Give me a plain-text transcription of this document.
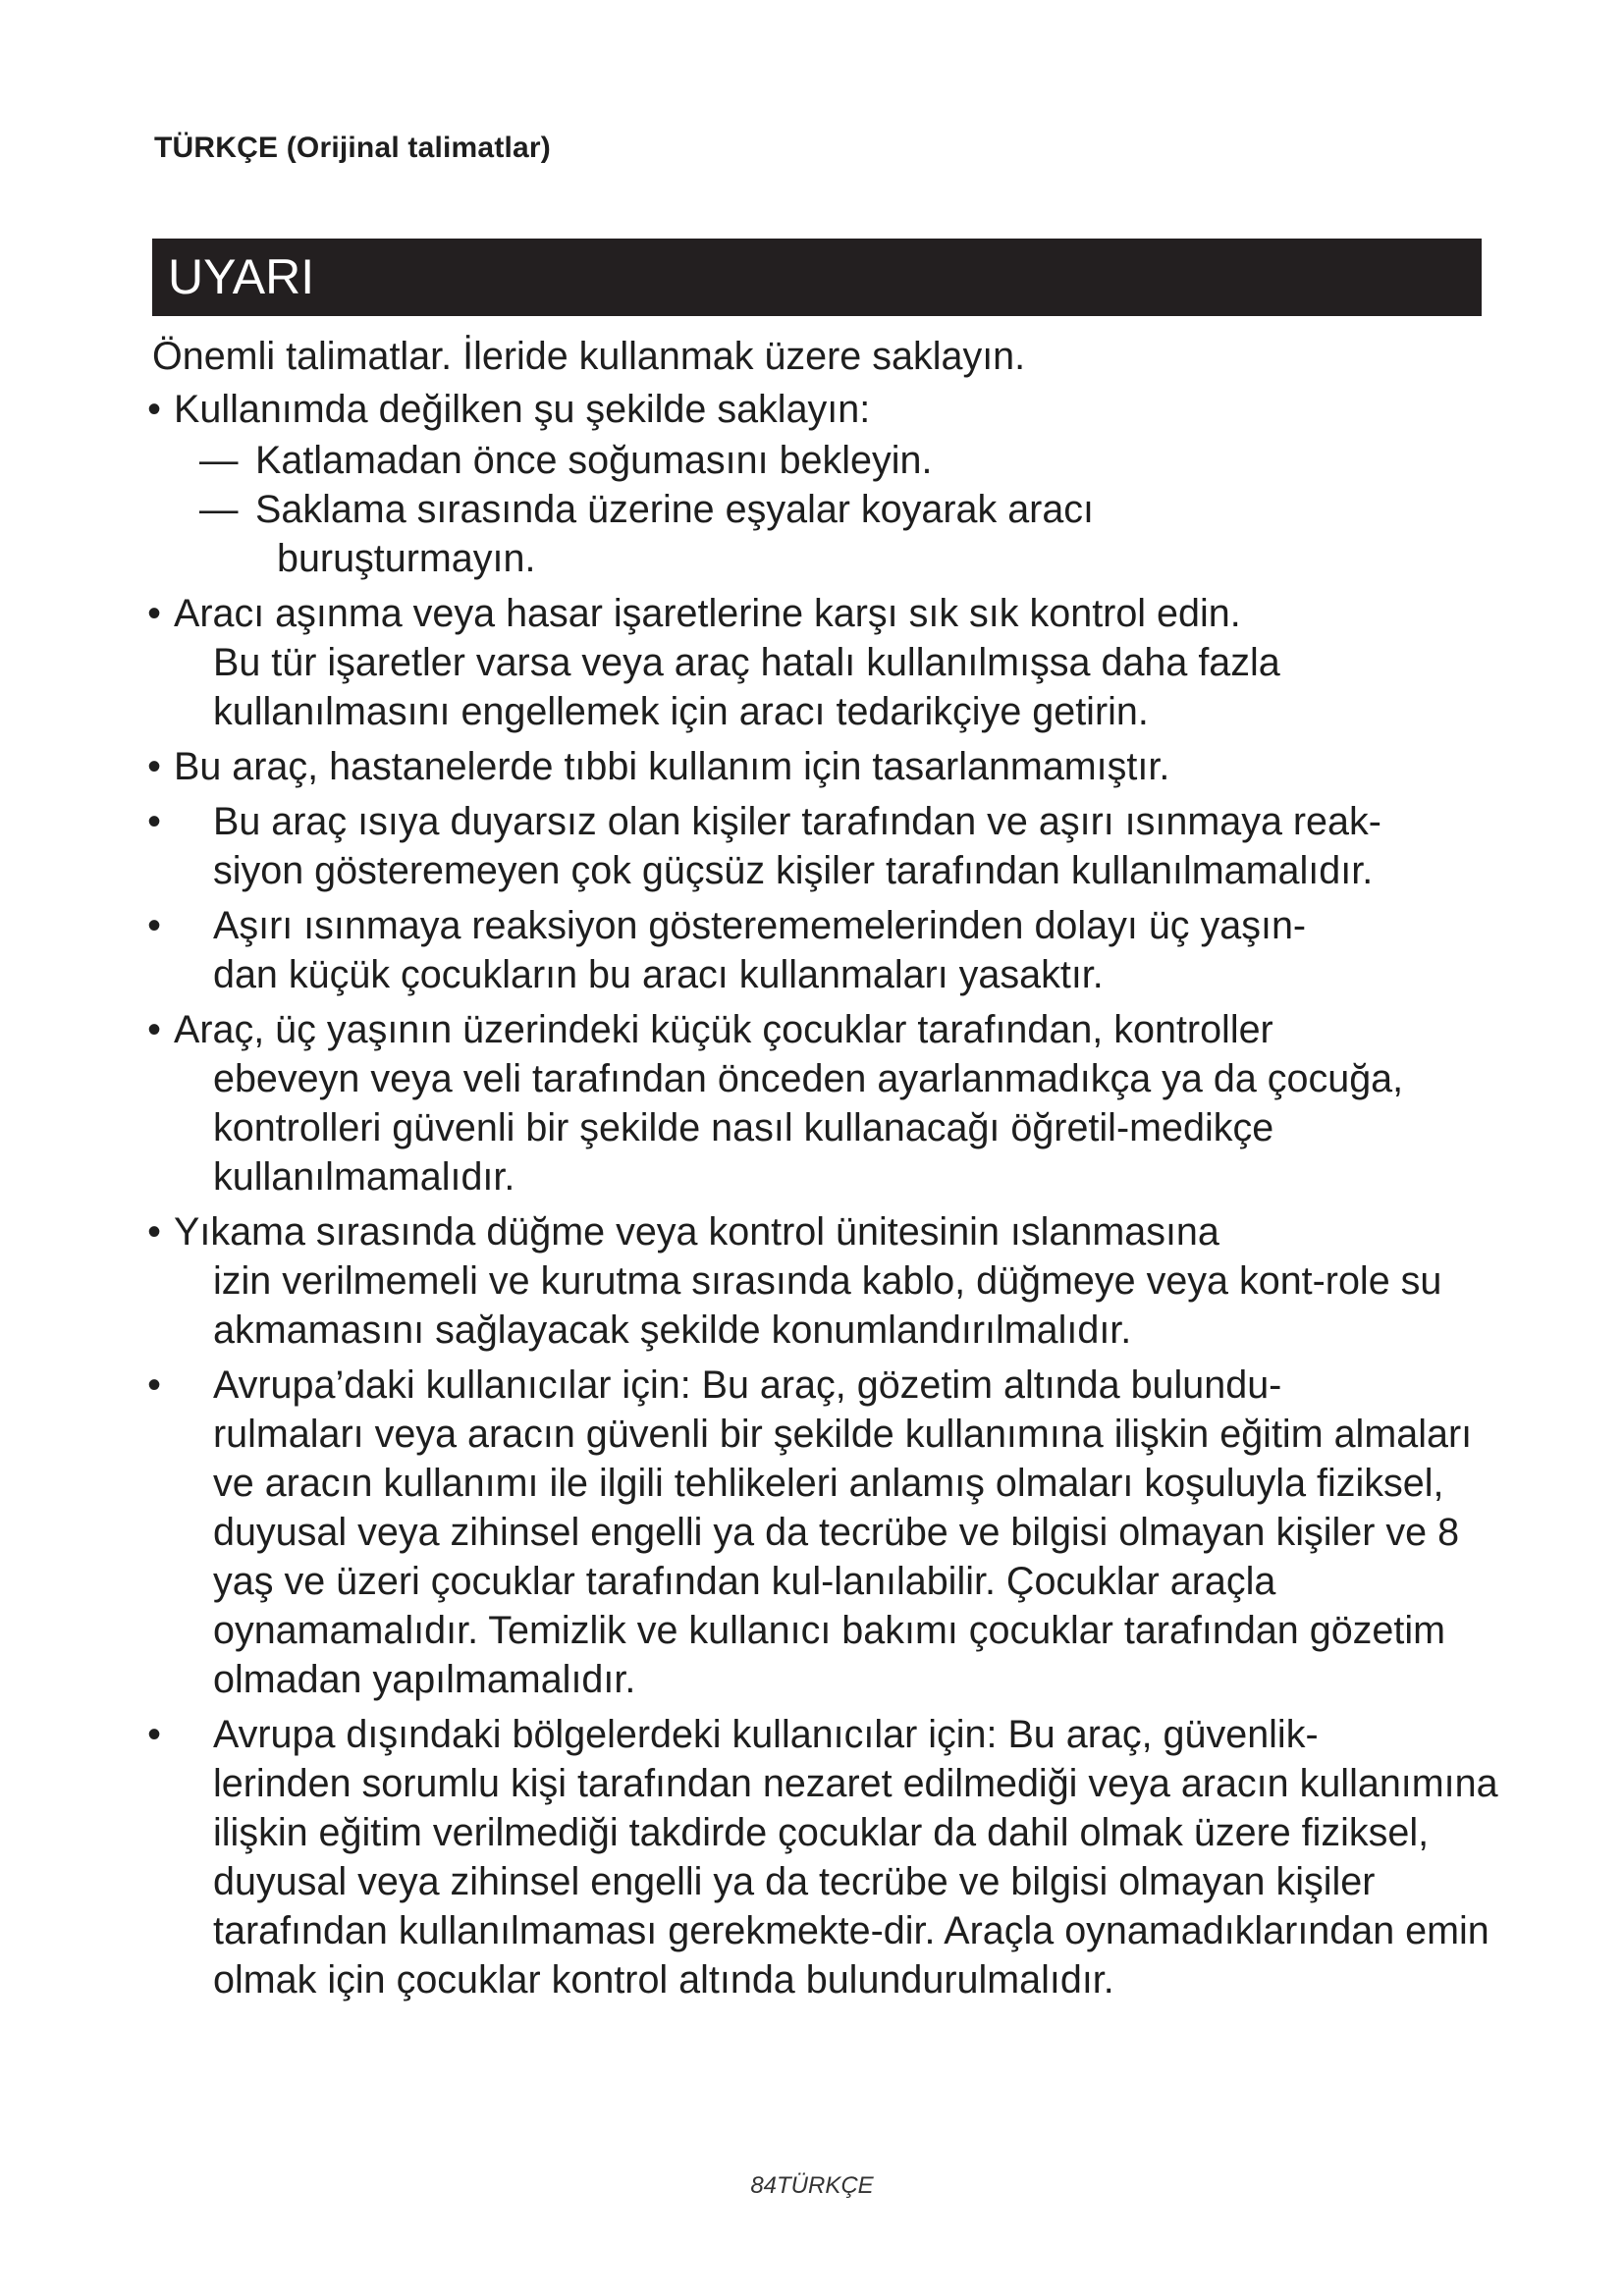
TÜRKÇE (Orijinal talimatlar)
UYARI
Önemli talimatlar. İleride kullanmak üzere saklayın.
• Kullanımda değilken şu şekilde saklayın:
— Katlamadan önce soğumasını bekleyin.
— Saklama sırasında üzerine eşyalar koyarak aracı
buruşturmayın.
• Aracı aşınma veya hasar işaretlerine karşı sık sık kontrol edin.
Bu tür işaretler varsa veya araç hatalı kullanılmışsa daha fazla kullanılmasını engellemek için aracı tedarikçiye getirin.
• Bu araç, hastanelerde tıbbi kullanım için tasarlanmamıştır.
• Bu araç ısıya duyarsız olan kişiler tarafından ve aşırı ısınmaya reak-
siyon gösteremeyen çok güçsüz kişiler tarafından kullanılmamalıdır.
• Aşırı ısınmaya reaksiyon gösterememelerinden dolayı üç yaşın-
dan küçük çocukların bu aracı kullanmaları yasaktır.
• Araç, üç yaşının üzerindeki küçük çocuklar tarafından, kontroller
ebeveyn veya veli tarafından önceden ayarlanmadıkça ya da çocuğa, kontrolleri güvenli bir şekilde nasıl kullanacağı öğretil-medikçe kullanılmamalıdır.
• Yıkama sırasında düğme veya kontrol ünitesinin ıslanmasına
izin verilmemeli ve kurutma sırasında kablo, düğmeye veya kont-role su akmamasını sağlayacak şekilde konumlandırılmalıdır.
• Avrupa’daki kullanıcılar için: Bu araç, gözetim altında bulundu-
rulmaları veya aracın güvenli bir şekilde kullanımına ilişkin eğitim almaları ve aracın kullanımı ile ilgili tehlikeleri anlamış olmaları koşuluyla fiziksel, duyusal veya zihinsel engelli ya da tecrübe ve bilgisi olmayan kişiler ve 8 yaş ve üzeri çocuklar tarafından kul-lanılabilir. Çocuklar araçla oynamamalıdır. Temizlik ve kullanıcı bakımı çocuklar tarafından gözetim olmadan yapılmamalıdır.
• Avrupa dışındaki bölgelerdeki kullanıcılar için: Bu araç, güvenlik-
lerinden sorumlu kişi tarafından nezaret edilmediği veya aracın kullanımına ilişkin eğitim verilmediği takdirde çocuklar da dahil olmak üzere fiziksel, duyusal veya zihinsel engelli ya da tecrübe ve bilgisi olmayan kişiler tarafından kullanılmaması gerekmekte-dir. Araçla oynamadıklarından emin olmak için çocuklar kontrol altında bulundurulmalıdır.
84TÜRKÇE
